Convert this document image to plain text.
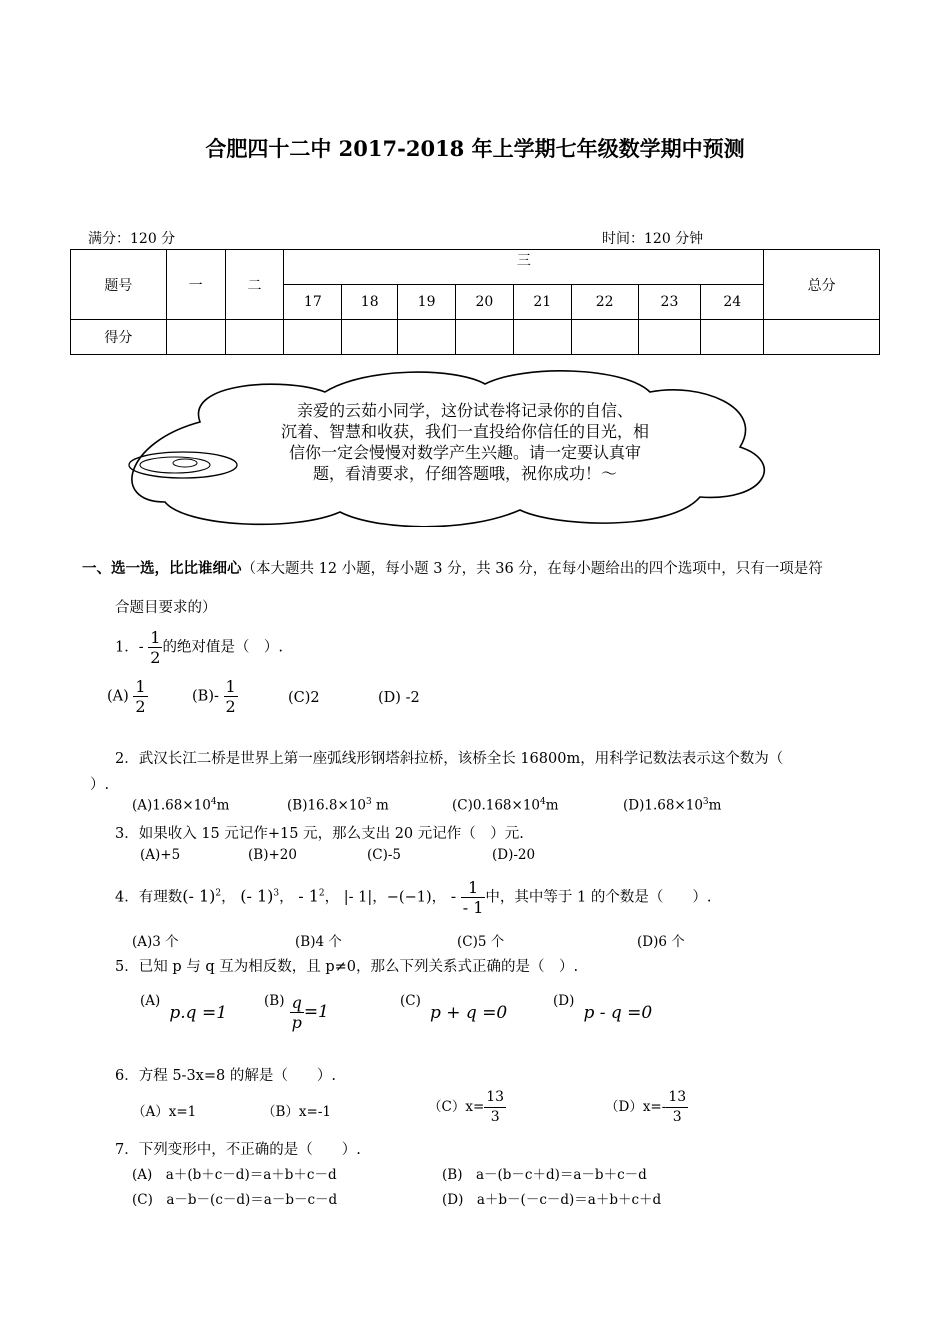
合肥四十二中 2017-2018 年上学期七年级数学期中预测
满分：120 分	时间：120 分钟
题号	一	二	三								总分
			17	18	19	20	21	22	23	24	
得分											
亲爱的云茹小同学，这份试卷将记录你的自信、
沉着、智慧和收获，我们一直投给你信任的目光，相
信你一定会慢慢对数学产生兴趣。请一定要认真审
题，看清要求，仔细答题哦，祝你成功！～
一、选一选，比比谁细心（本大题共 12 小题，每小题 3 分，共 36 分，在每小题给出的四个选项中，只有一项是符
合题目要求的）
1．- $\frac{1}{2}$ 的绝对值是（　）.
$(A) \frac{1}{2}$	$(B)- \frac{1}{2}$	(C)2	(D) -2
2．武汉长江二桥是世界上第一座弧线形钢塔斜拉桥，该桥全长 16800m，用科学记数法表示这个数为（
）.
$(A)1.68\times 10^4m$	$(B)16.8\times 10^3$ m	$(C)0.168\times 10^4m$	$(D)1.68\times 10^3m$
3．如果收入 15 元记作+15 元，那么支出 20 元记作（　）元.
(A)+5	(B)+20	(C)-5	(D)-20
4．有理数(- 1)$^2$， (- 1)$^3$， - $1^2$， |- 1|，−(−1)， - $\frac{1}{- 1}$ 中，其中等于 1 的个数是（　　）.
(A)3 个	(B)4 个	(C)5 个	(D)6 个
5．已知 p 与 q 互为相反数，且 p≠0，那么下列关系式正确的是（　）.
$^{(A)}$ p.q =1
$^{(B)} \frac{q}{p} =1$
$^{(C)}$ p + q =0
$^{(D)}$ p - q =0
6．方程 5-3x=8 的解是（　　）.
（A）x=1	（B）x=-1	$(C)x= \frac{13}{3}$	$(D)x=- \frac{13}{3}$
7．下列变形中，不正确的是（　　）.
(A)　a＋(b＋c－d)＝a＋b＋c－d	(B)　a－(b－c＋d)＝a－b＋c－d
(C)　a－b－(c－d)＝a－b－c－d	(D)　a＋b－(－c－d)＝a＋b＋c＋d
